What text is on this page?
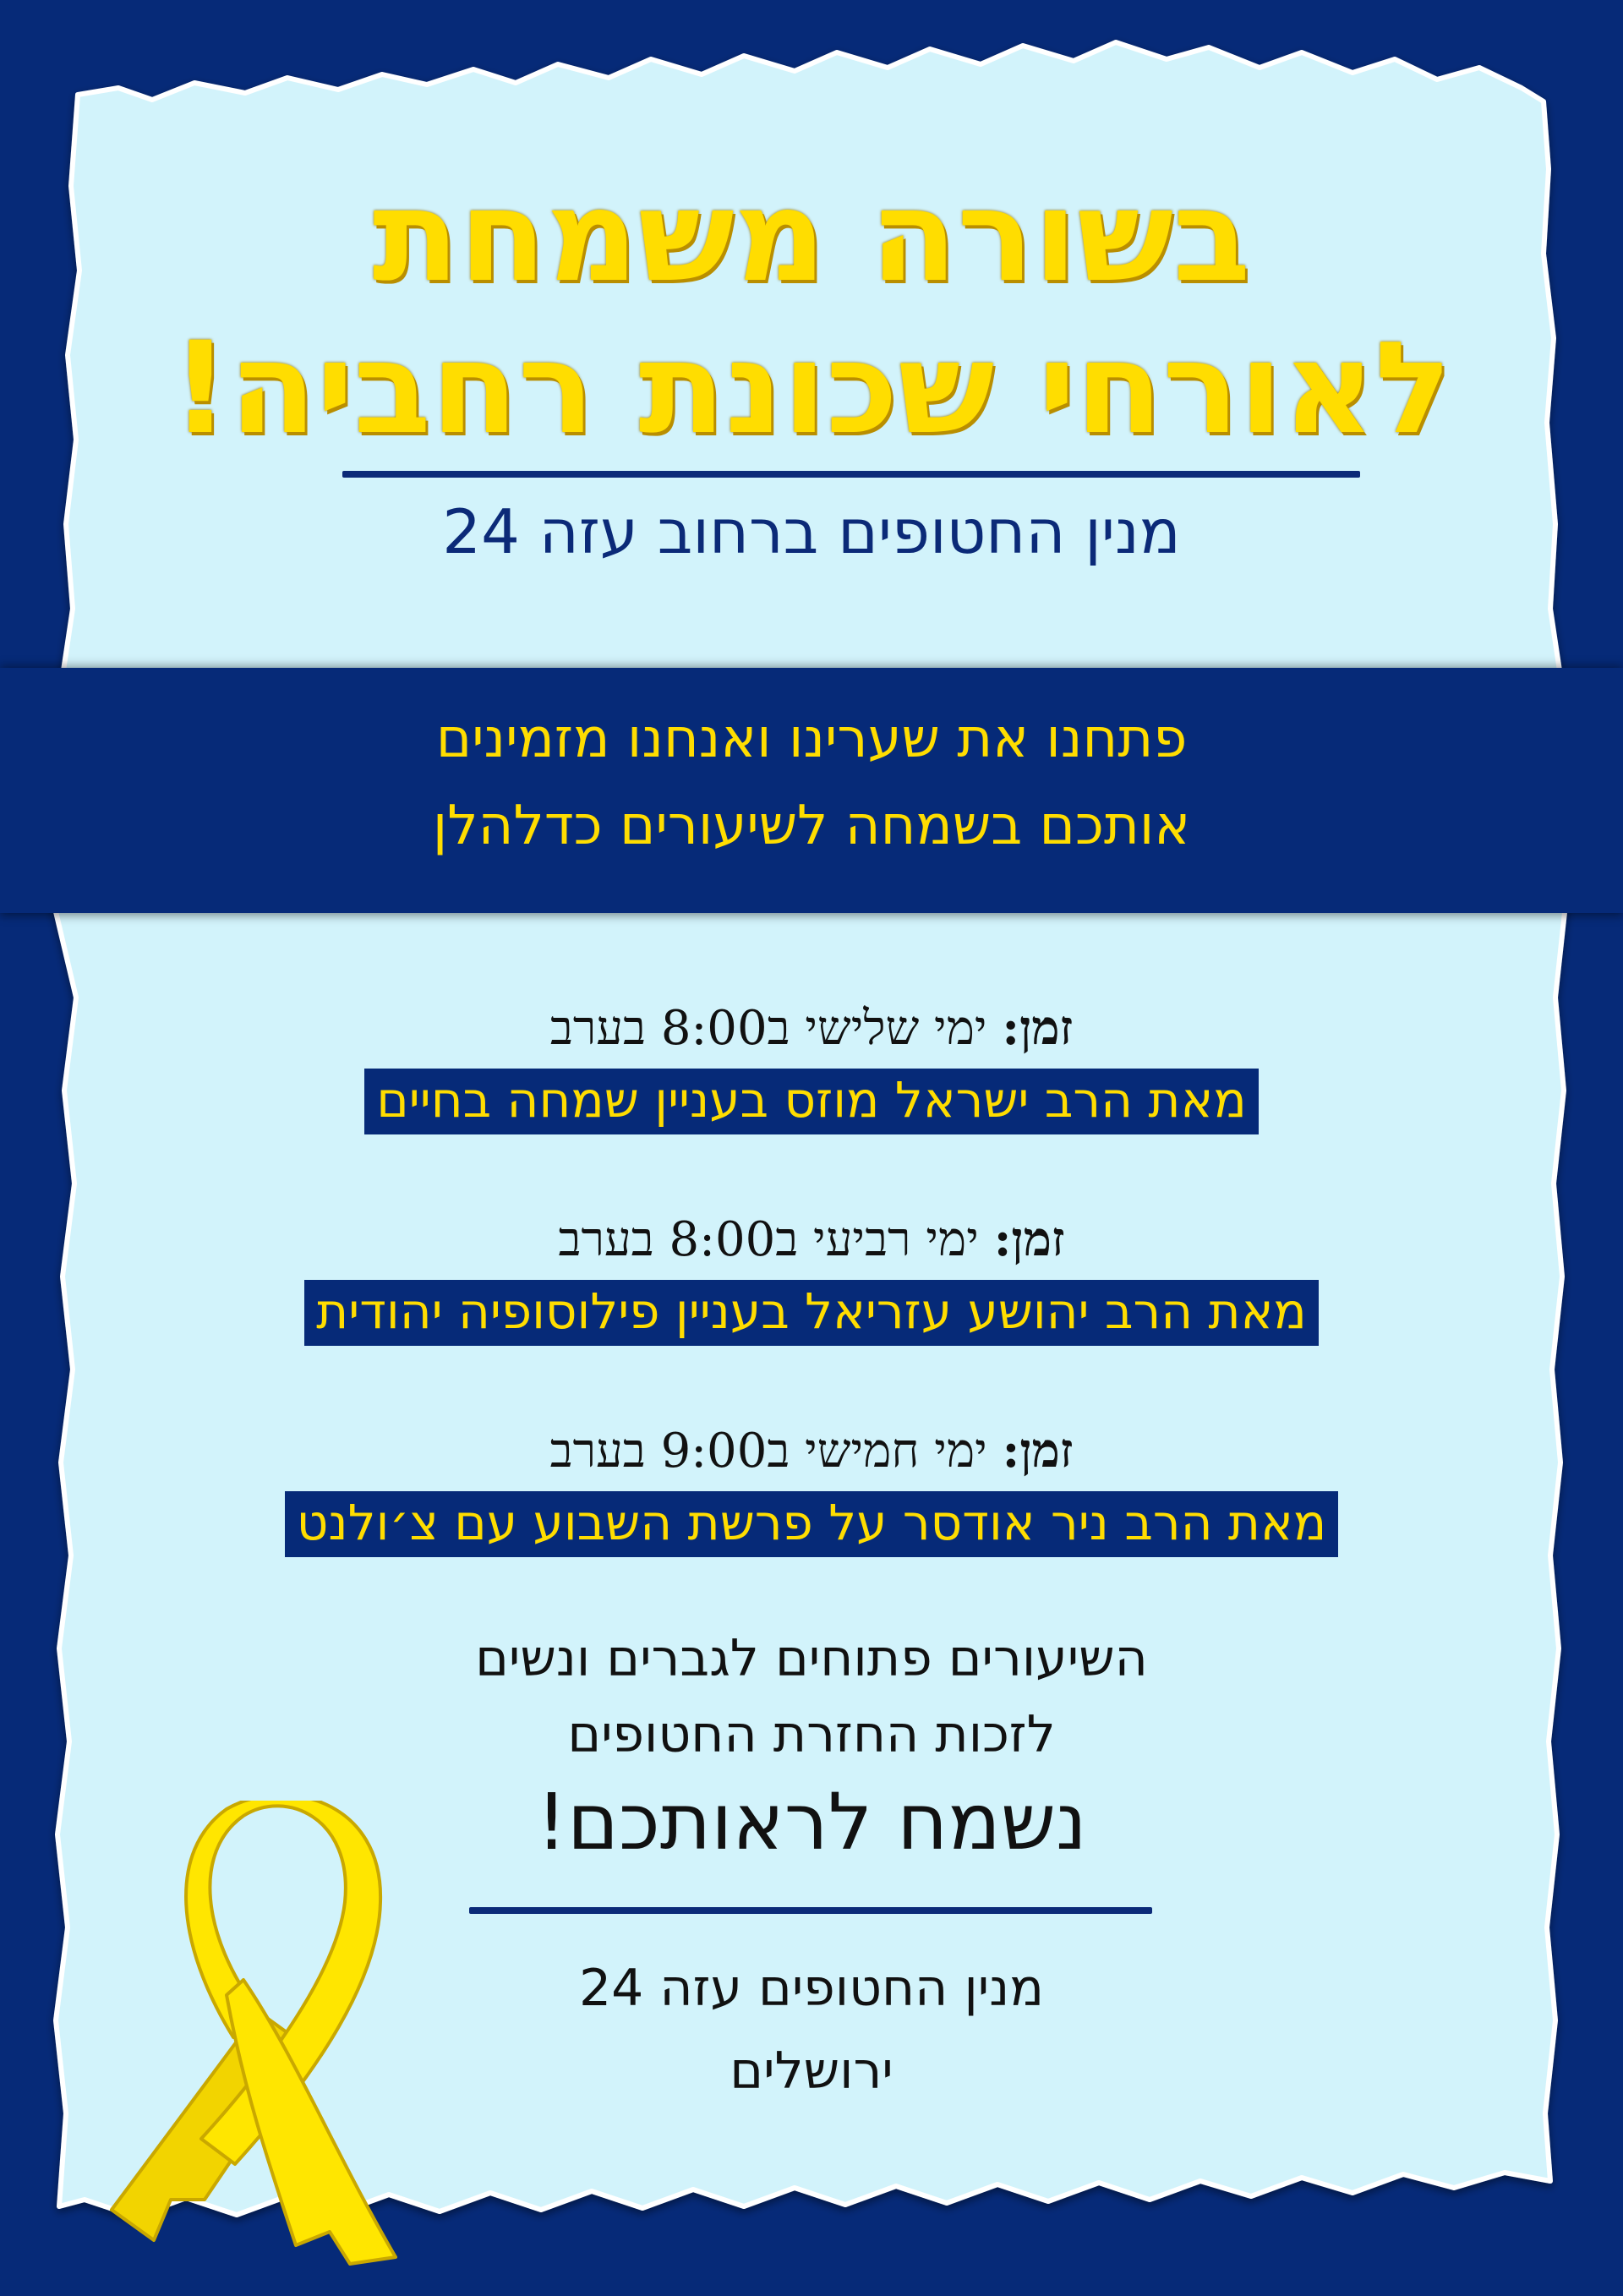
בשורה משמחת
לאורחי שכונת רחביה!
מנין החטופים ברחוב עזה 24
פתחנו את שערינו ואנחנו מזמינים
אותכם בשמחה לשיעורים כדלהלן
זמן: ימי שלישי ב8:00 בערב
מאת הרב ישראל מוזס בעניין שמחה בחיים
זמן: ימי רביעי ב8:00 בערב
מאת הרב יהושע עזריאל בעניין פילוסופיה יהודית
זמן: ימי חמישי ב9:00 בערב
מאת הרב ניר אודסר על פרשת השבוע עם צ׳ולנט
השיעורים פתוחים לגברים ונשים
לזכות החזרת החטופים
נשמח לראותכם!
מנין החטופים עזה 24
ירושלים
